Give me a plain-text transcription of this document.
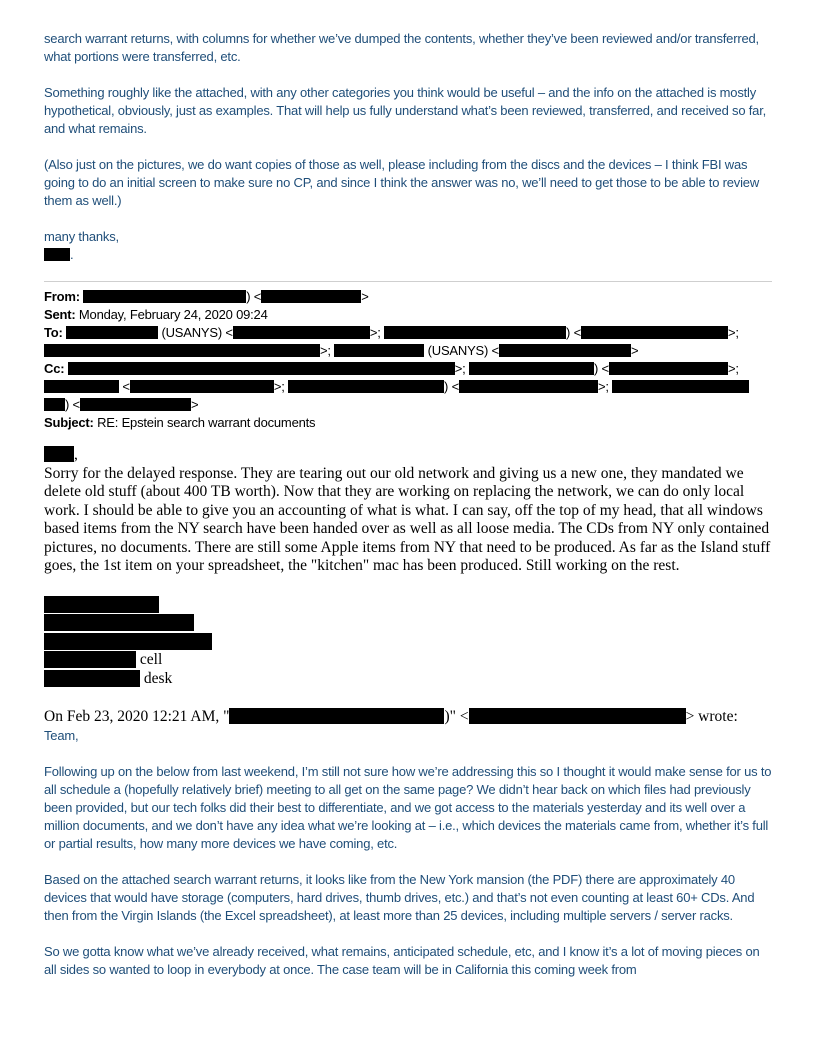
search warrant returns, with columns for whether we’ve dumped the contents, whether they’ve been reviewed and/or transferred, what portions were transferred, etc.

Something roughly like the attached, with any other categories you think would be useful – and the info on the attached is mostly hypothetical, obviously, just as examples. That will help us fully understand what’s been reviewed, transferred, and received so far, and what remains.

(Also just on the pictures, we do want copies of those as well, please including from the discs and the devices – I think FBI was going to do an initial screen to make sure no CP, and since I think the answer was no, we’ll need to get those to be able to review them as well.)

many thanks,

.
From:	) <	>
Sent: Monday, February 24, 2020 09:24
To:	(USANYS) <	>;	) <	>;
>;	(USANYS) <	>
Cc:	>;	) <	>;
<	>;	) <	>;
) <	>
Subject: RE: Epstein search warrant documents
,

Sorry for the delayed response. They are tearing out our old network and giving us a new one, they mandated we delete old stuff (about 400 TB worth). Now that they are working on replacing the network, we can do only local work. I should be able to give you an accounting of what is what. I can say, off the top of my head, that all windows based items from the NY search have been handed over as well as all loose media. The CDs from NY only contained pictures, no documents. There are still some Apple items from NY that need to be produced. As far as the Island stuff goes, the 1st item on your spreadsheet, the "kitchen" mac has been produced. Still working on the rest.

cell
desk
On Feb 23, 2020 12:21 AM, "	)" <	> wrote:

Team,

Following up on the below from last weekend, I’m still not sure how we’re addressing this so I thought it would make sense for us to all schedule a (hopefully relatively brief) meeting to all get on the same page? We didn’t hear back on which files had previously been provided, but our tech folks did their best to differentiate, and we got access to the materials yesterday and its well over a million documents, and we don’t have any idea what we’re looking at – i.e., which devices the materials came from, whether it’s full or partial results, how many more devices we have coming, etc.

Based on the attached search warrant returns, it looks like from the New York mansion (the PDF) there are approximately 40 devices that would have storage (computers, hard drives, thumb drives, etc.) and that’s not even counting at least 60+ CDs. And then from the Virgin Islands (the Excel spreadsheet), at least more than 25 devices, including multiple servers / server racks.

So we gotta know what we’ve already received, what remains, anticipated schedule, etc, and I know it’s a lot of moving pieces on all sides so wanted to loop in everybody at once. The case team will be in California this coming week from
